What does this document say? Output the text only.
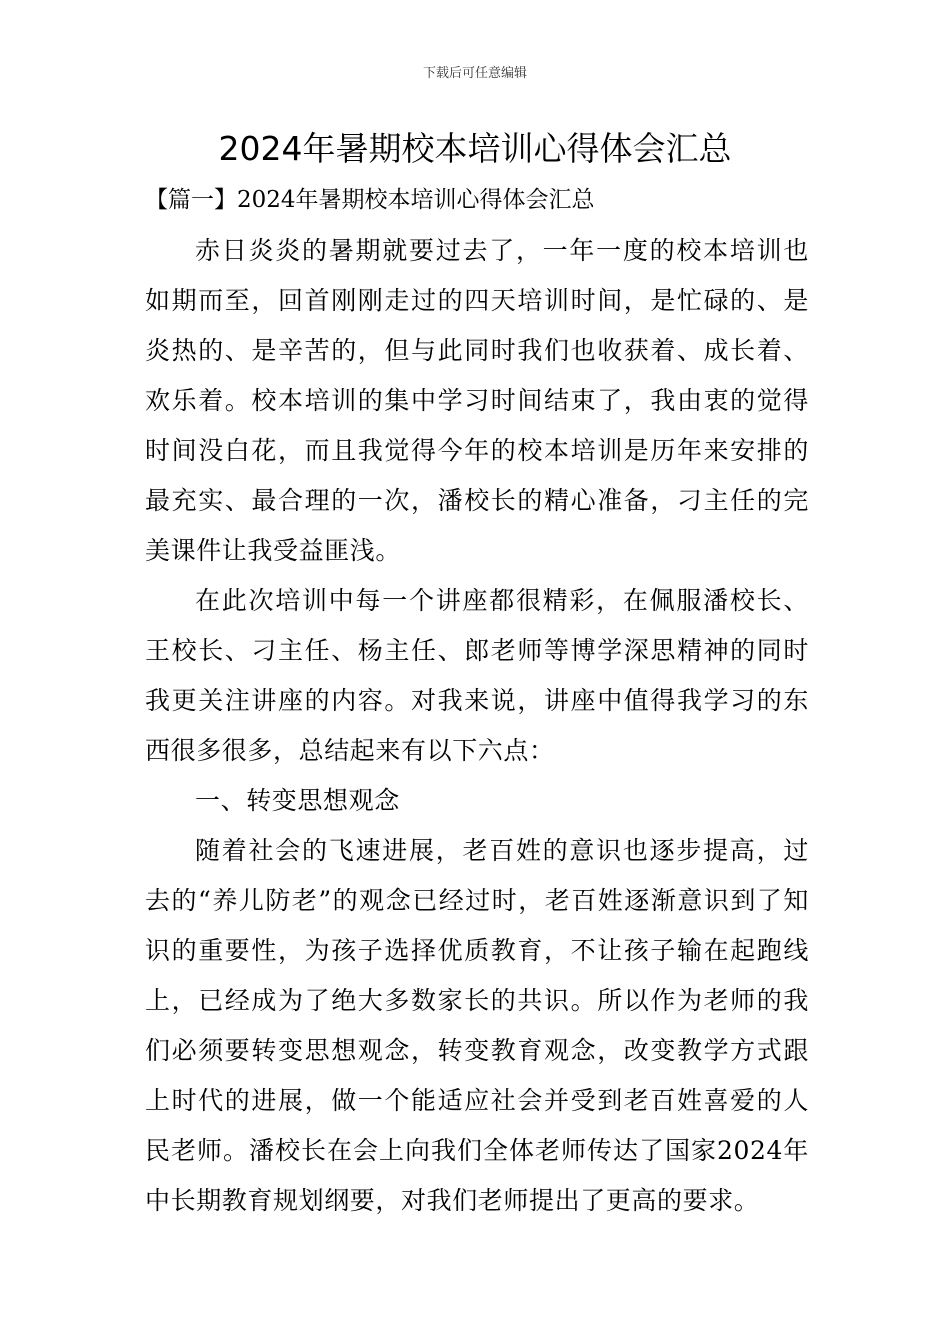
下载后可任意编辑
2024年暑期校本培训心得体会汇总
【篇一】2024年暑期校本培训心得体会汇总

赤日炎炎的暑期就要过去了，一年一度的校本培训也如期而至，回首刚刚走过的四天培训时间，是忙碌的、是炎热的、是辛苦的，但与此同时我们也收获着、成长着、欢乐着。校本培训的集中学习时间结束了，我由衷的觉得时间没白花，而且我觉得今年的校本培训是历年来安排的最充实、最合理的一次，潘校长的精心准备，刁主任的完美课件让我受益匪浅。

在此次培训中每一个讲座都很精彩，在佩服潘校长、王校长、刁主任、杨主任、郎老师等博学深思精神的同时我更关注讲座的内容。对我来说，讲座中值得我学习的东西很多很多，总结起来有以下六点：

一、转变思想观念

随着社会的飞速进展，老百姓的意识也逐步提高，过去的“养儿防老”的观念已经过时，老百姓逐渐意识到了知识的重要性，为孩子选择优质教育，不让孩子输在起跑线上，已经成为了绝大多数家长的共识。所以作为老师的我们必须要转变思想观念，转变教育观念，改变教学方式跟上时代的进展，做一个能适应社会并受到老百姓喜爱的人民老师。潘校长在会上向我们全体老师传达了国家2024年中长期教育规划纲要，对我们老师提出了更高的要求。
